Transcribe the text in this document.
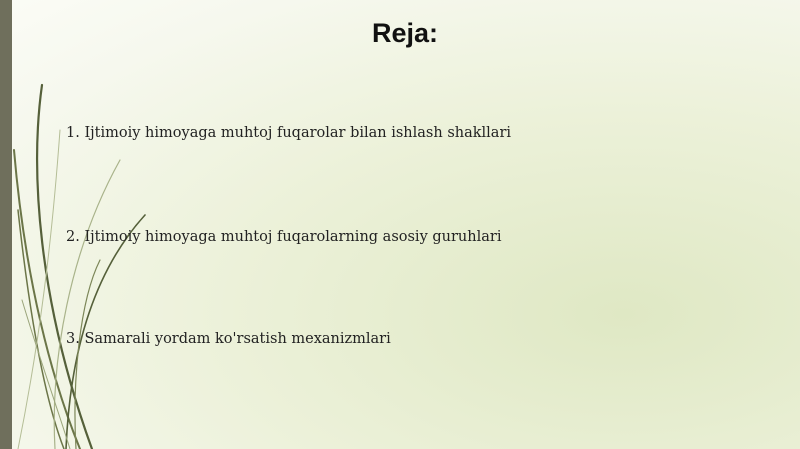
Reja:
1. Ijtimoiy himoyaga muhtoj fuqarolar bilan ishlash shakllari
2. Ijtimoiy himoyaga muhtoj fuqarolarning asosiy guruhlari
3. Samarali yordam ko'rsatish mexanizmlari
